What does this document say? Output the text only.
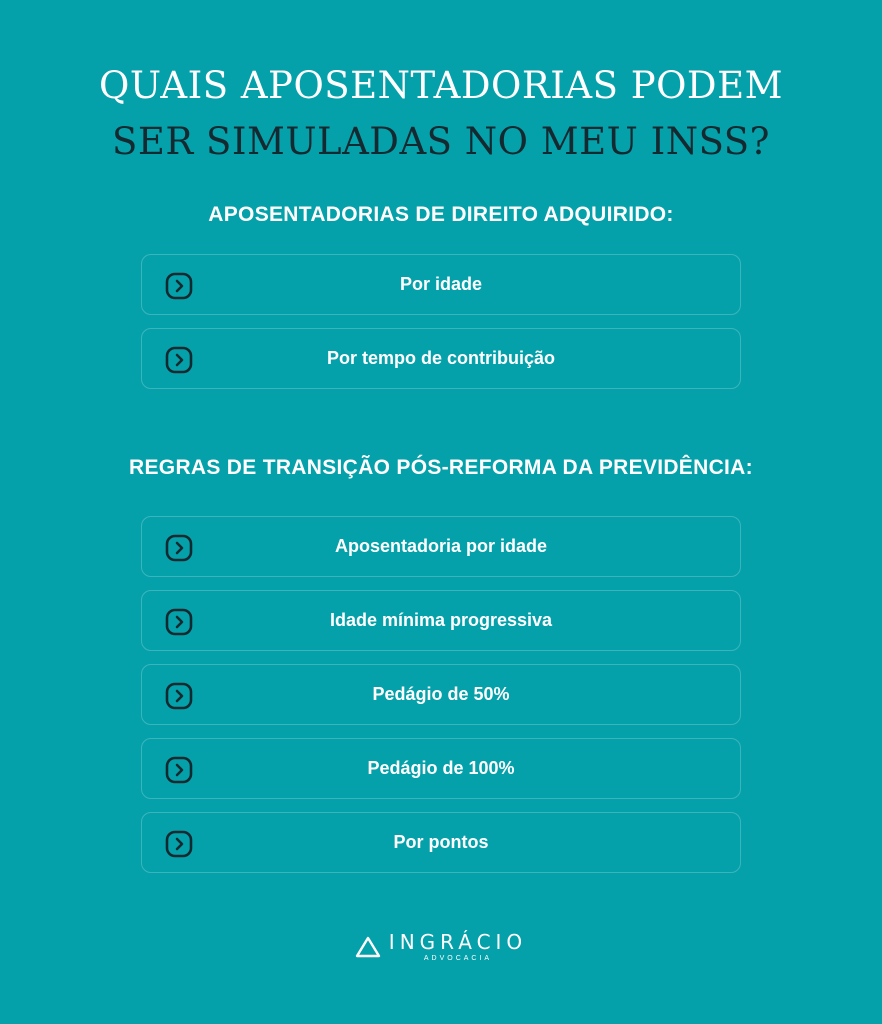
QUAIS APOSENTADORIAS PODEM
SER SIMULADAS NO MEU INSS?
APOSENTADORIAS DE DIREITO ADQUIRIDO:
Por idade
Por tempo de contribuição
REGRAS DE TRANSIÇÃO PÓS-REFORMA DA PREVIDÊNCIA:
Aposentadoria por idade
Idade mínima progressiva
Pedágio de 50%
Pedágio de 100%
Por pontos
INGRÁCIO
ADVOCACIA
